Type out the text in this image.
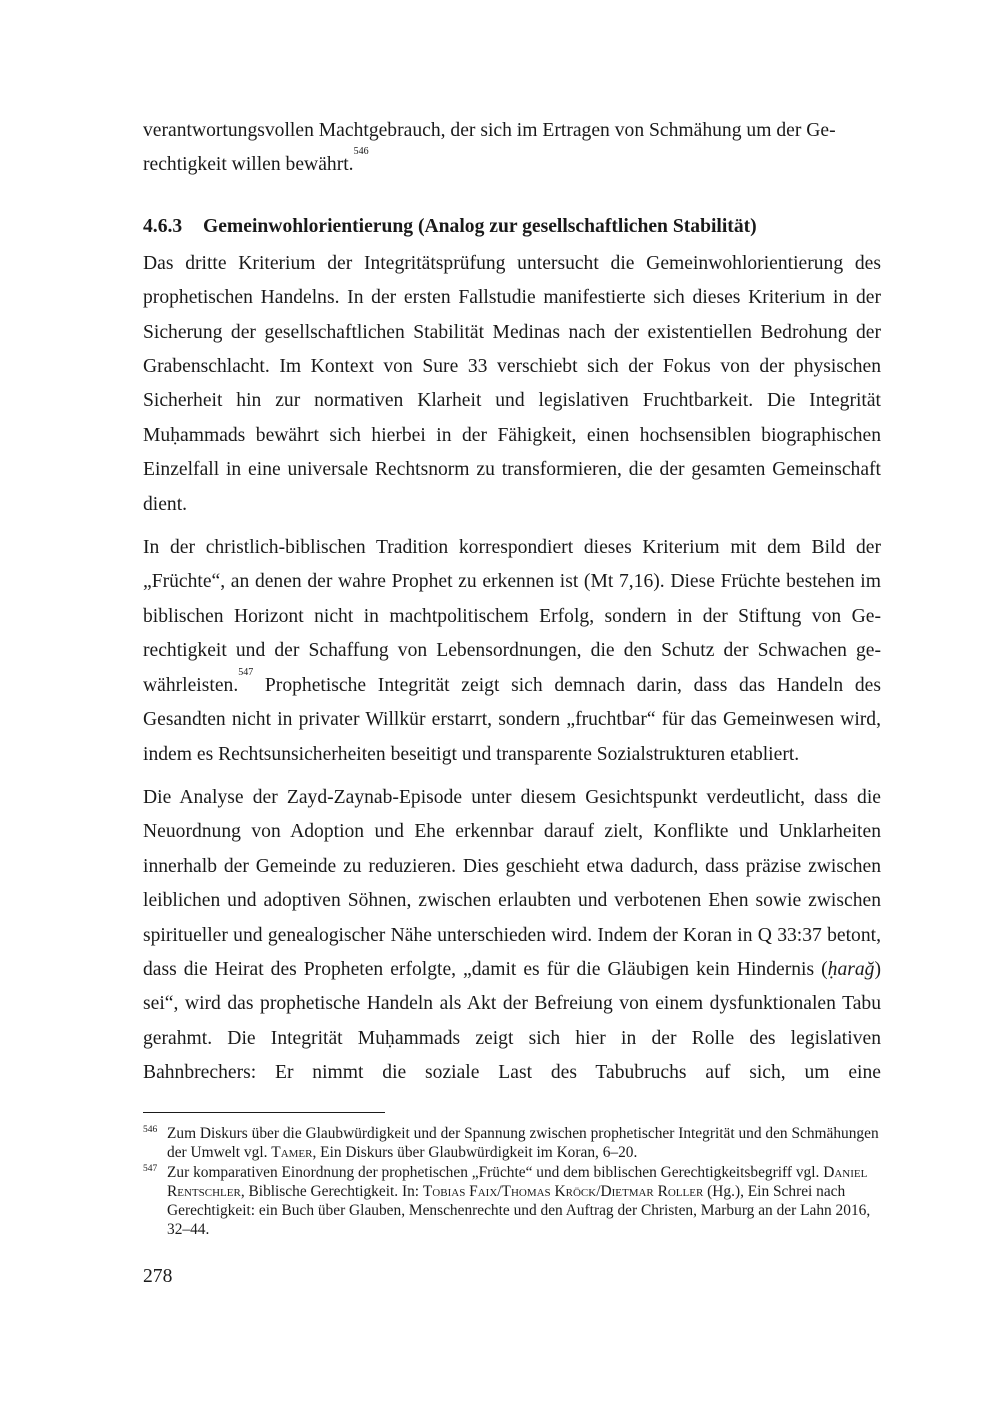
verantwortungsvollen Machtgebrauch, der sich im Ertragen von Schmähung um der Ge-
rechtigkeit willen bewährt.$^{546}$

4.6.3 Gemeinwohlorientierung (Analog zur gesellschaftlichen Stabilität)

Das dritte Kriterium der Integritätsprüfung untersucht die Gemeinwohlorientierung des prophetischen Handelns. In der ersten Fallstudie manifestierte sich dieses Kriterium in der Sicherung der gesellschaftlichen Stabilität Medinas nach der existentiellen Bedrohung der Grabenschlacht. Im Kontext von Sure 33 verschiebt sich der Fokus von der physischen Sicherheit hin zur normativen Klarheit und legislativen Fruchtbarkeit. Die Integrität Muḥammads bewährt sich hierbei in der Fähigkeit, einen hochsensiblen biographischen Einzelfall in eine universale Rechtsnorm zu transformieren, die der gesamten Gemeinschaft dient.

In der christlich-biblischen Tradition korrespondiert dieses Kriterium mit dem Bild der „Früchte“, an denen der wahre Prophet zu erkennen ist (Mt 7,16). Diese Früchte bestehen im biblischen Horizont nicht in machtpolitischem Erfolg, sondern in der Stiftung von Gerechtigkeit und der Schaffung von Lebensordnungen, die den Schutz der Schwachen gewährleisten.$^{547}$ Prophetische Integrität zeigt sich demnach darin, dass das Handeln des Gesandten nicht in privater Willkür erstarrt, sondern „fruchtbar“ für das Gemeinwesen wird, indem es Rechtsunsicherheiten beseitigt und transparente Sozialstrukturen etabliert.

Die Analyse der Zayd-Zaynab-Episode unter diesem Gesichtspunkt verdeutlicht, dass die Neuordnung von Adoption und Ehe erkennbar darauf zielt, Konflikte und Unklarheiten innerhalb der Gemeinde zu reduzieren. Dies geschieht etwa dadurch, dass präzise zwischen leiblichen und adoptiven Söhnen, zwischen erlaubten und verbotenen Ehen sowie zwischen spiritueller und genealogischer Nähe unterschieden wird. Indem der Koran in Q 33:37 betont, dass die Heirat des Propheten erfolgte, „damit es für die Gläubigen kein Hindernis (ḥarağ) sei“, wird das prophetische Handeln als Akt der Befreiung von einem dysfunktionalen Tabu gerahmt. Die Integrität Muḥammads zeigt sich hier in der Rolle des legislativen Bahnbrechers: Er nimmt die soziale Last des Tabubruchs auf sich, um eine

546 Zum Diskurs über die Glaubwürdigkeit und der Spannung zwischen prophetischer Integrität und den Schmähungen der Umwelt vgl. Tamer, Ein Diskurs über Glaubwürdigkeit im Koran, 6–20.
547 Zur komparativen Einordnung der prophetischen „Früchte“ und dem biblischen Gerechtigkeitsbegriff vgl. Daniel Rentschler, Biblische Gerechtigkeit. In: Tobias Faix/Thomas Kröck/Dietmar Roller (Hg.), Ein Schrei nach Gerechtigkeit: ein Buch über Glauben, Menschenrechte und den Auftrag der Christen, Marburg an der Lahn 2016, 32–44.
278
